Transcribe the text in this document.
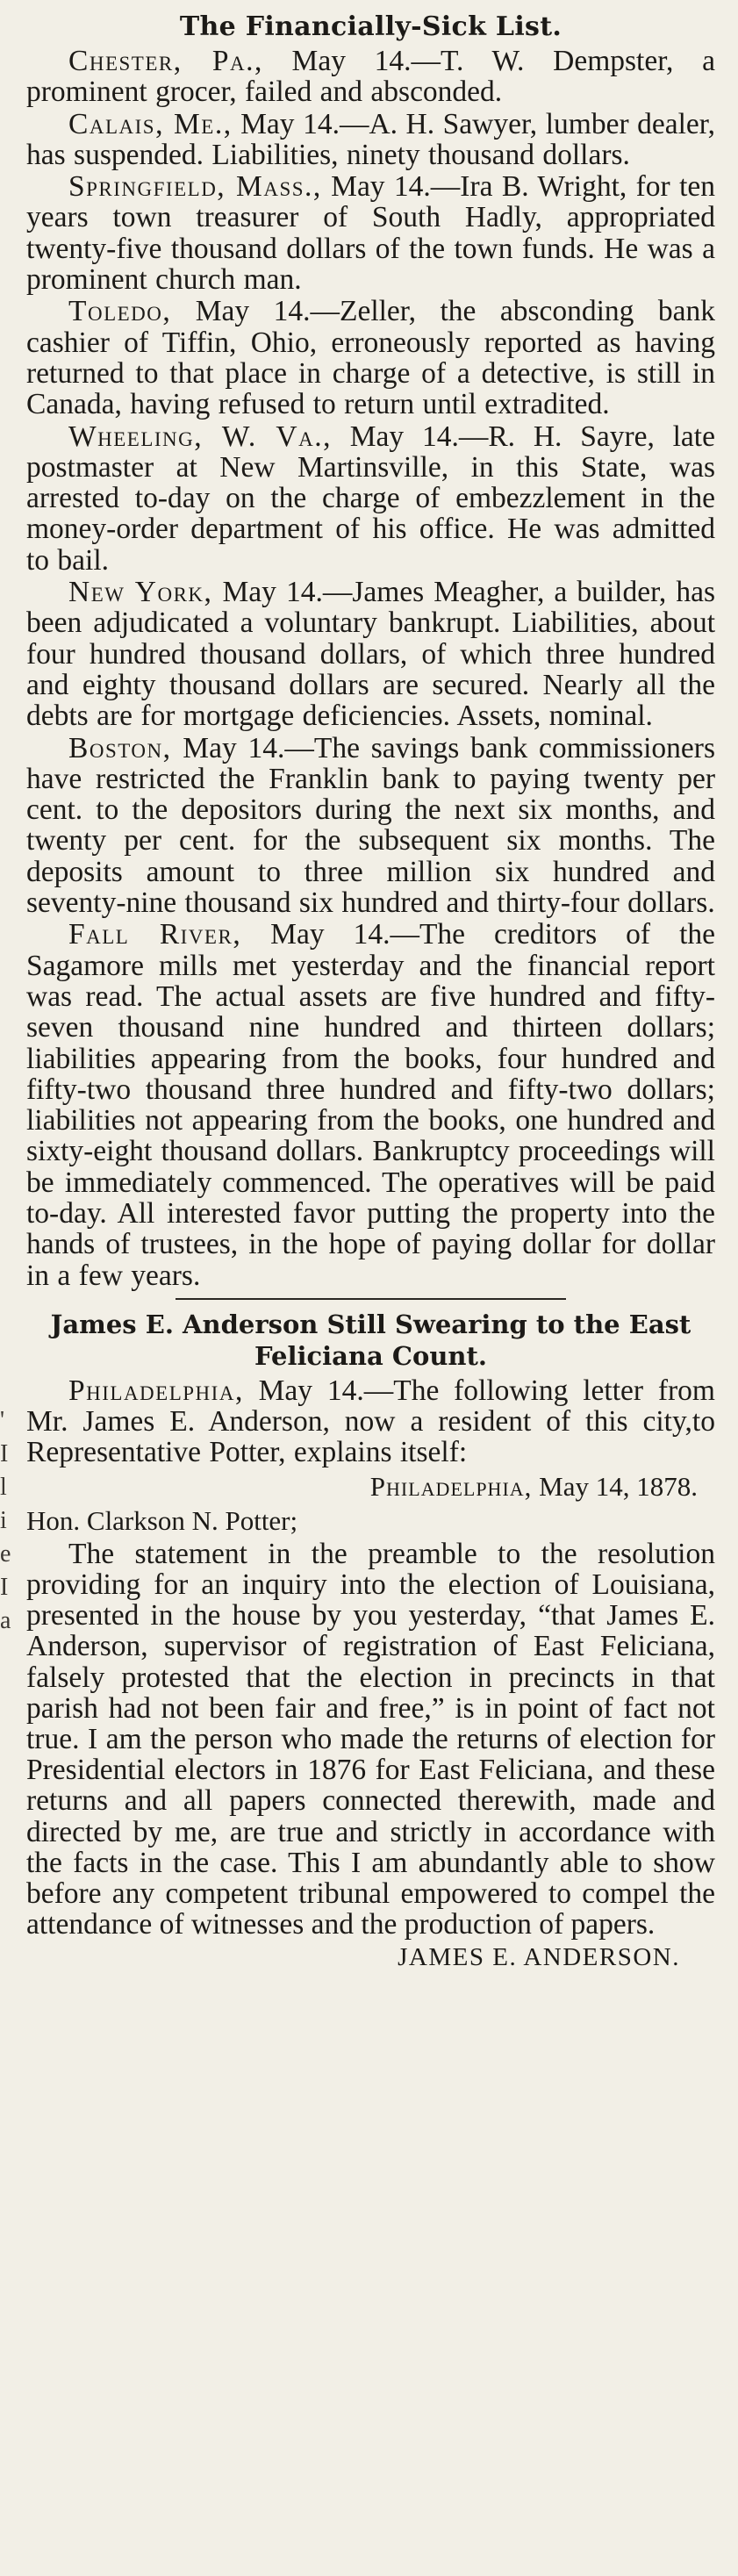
The Financially-Sick List.

Chester, Pa., May 14.—T. W. Dempster, a prominent grocer, failed and absconded.

Calais, Me., May 14.—A. H. Sawyer, lumber dealer, has suspended. Liabilities, ninety thousand dollars.

Springfield, Mass., May 14.—Ira B. Wright, for ten years town treasurer of South Hadly, appropriated twenty-five thousand dollars of the town funds. He was a prominent church man.

Toledo, May 14.—Zeller, the absconding bank cashier of Tiffin, Ohio, erroneously reported as having returned to that place in charge of a detective, is still in Canada, having refused to return until extradited.

Wheeling, W. Va., May 14.—R. H. Sayre, late postmaster at New Martinsville, in this State, was arrested to-day on the charge of embezzlement in the money-order department of his office. He was admitted to bail.

New York, May 14.—James Meagher, a builder, has been adjudicated a voluntary bankrupt. Liabilities, about four hundred thousand dollars, of which three hundred and eighty thousand dollars are secured. Nearly all the debts are for mortgage deficiencies. Assets, nominal.

Boston, May 14.—The savings bank commissioners have restricted the Franklin bank to paying twenty per cent. to the depositors during the next six months, and twenty per cent. for the subsequent six months. The deposits amount to three million six hundred and seventy-nine thousand six hundred and thirty-four dollars.

Fall River, May 14.—The creditors of the Sagamore mills met yesterday and the financial report was read. The actual assets are five hundred and fifty-seven thousand nine hundred and thirteen dollars; liabilities appearing from the books, four hundred and fifty-two thousand three hundred and fifty-two dollars; liabilities not appearing from the books, one hundred and sixty-eight thousand dollars. Bankruptcy proceedings will be immediately commenced. The operatives will be paid to-day. All interested favor putting the property into the hands of trustees, in the hope of paying dollar for dollar in a few years.

James E. Anderson Still Swearing to the East Feliciana Count.

Philadelphia, May 14.—The following letter from Mr. James E. Anderson, now a resident of this city,to Representative Potter, explains itself:

Philadelphia, May 14, 1878.
Hon. Clarkson N. Potter;

The statement in the preamble to the resolution providing for an inquiry into the election of Louisiana, presented in the house by you yesterday, “that James E. Anderson, supervisor of registration of East Feliciana, falsely protested that the election in precincts in that parish had not been fair and free,” is in point of fact not true. I am the person who made the returns of election for Presidential electors in 1876 for East Feliciana, and these returns and all papers connected therewith, made and directed by me, are true and strictly in accordance with the facts in the case. This I am abundantly able to show before any competent tribunal empowered to compel the attendance of witnesses and the production of papers.

JAMES E. ANDERSON.
'
I
l
i
e
I
a
